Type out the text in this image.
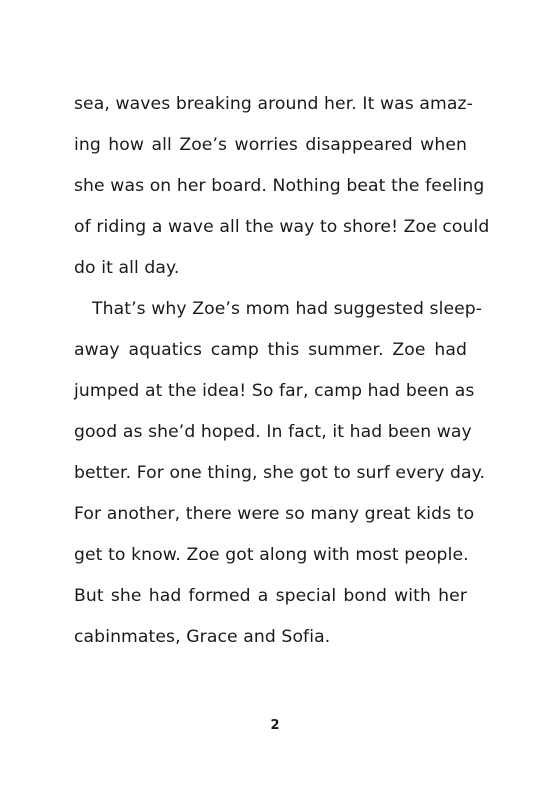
sea, waves breaking around her. It was amaz-
ing how all Zoe’s worries disappeared when
she was on her board. Nothing beat the feeling
of riding a wave all the way to shore! Zoe could
do it all day.
That’s why Zoe’s mom had suggested sleep-
away aquatics camp this summer. Zoe had
jumped at the idea! So far, camp had been as
good as she’d hoped. In fact, it had been way
better. For one thing, she got to surf every day.
For another, there were so many great kids to
get to know. Zoe got along with most people.
But she had formed a special bond with her
cabinmates, Grace and Sofia.
2
